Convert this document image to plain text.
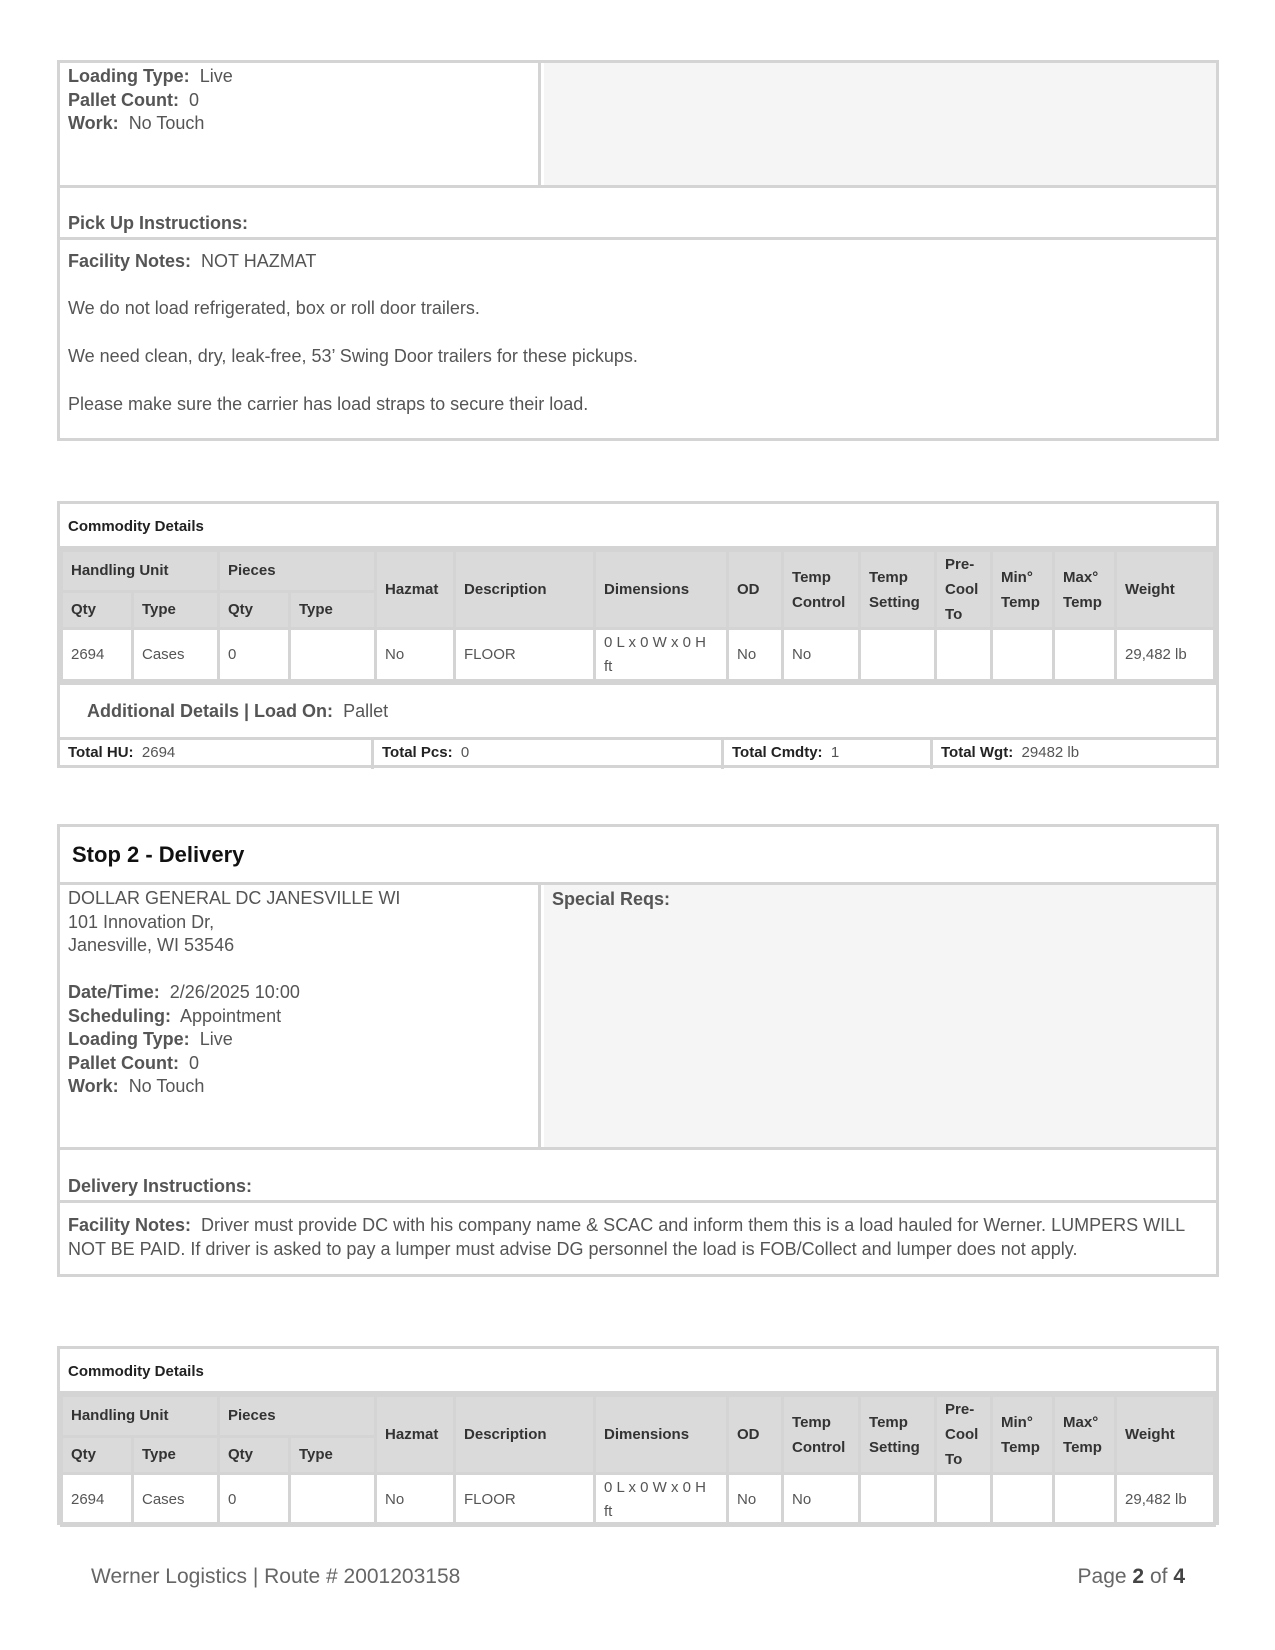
Loading Type: Live
Pallet Count: 0
Work: No Touch
Pick Up Instructions:

Facility Notes: NOT HAZMAT

We do not load refrigerated, box or roll door trailers.

We need clean, dry, leak-free, 53’ Swing Door trailers for these pickups.

Please make sure the carrier has load straps to secure their load.

Commodity Details
Handling Unit		Pieces		Hazmat	Description	Dimensions	OD	Temp Control	Temp Setting	Pre-Cool To	Min° Temp	Max° Temp	Weight
Qty	Type	Qty	Type										
2694	Cases	0		No	FLOOR	0 L x 0 W x 0 H ft	No	No					29,482 lb
Additional Details | Load On: Pallet
Total HU: 2694	Total Pcs: 0	Total Cmdty: 1	Total Wgt: 29482 lb
Stop 2 - Delivery
DOLLAR GENERAL DC JANESVILLE WI
101 Innovation Dr,
Janesville, WI 53546

Date/Time: 2/26/2025 10:00
Scheduling: Appointment
Loading Type: Live
Pallet Count: 0
Work: No Touch
Special Reqs:
Delivery Instructions:

Facility Notes: Driver must provide DC with his company name & SCAC and inform them this is a load hauled for Werner. LUMPERS WILL NOT BE PAID. If driver is asked to pay a lumper must advise DG personnel the load is FOB/Collect and lumper does not apply.

Commodity Details
Handling Unit		Pieces		Hazmat	Description	Dimensions	OD	Temp Control	Temp Setting	Pre-Cool To	Min° Temp	Max° Temp	Weight
Qty	Type	Qty	Type										
2694	Cases	0		No	FLOOR	0 L x 0 W x 0 H ft	No	No					29,482 lb
Werner Logistics | Route # 2001203158	Page 2 of 4
